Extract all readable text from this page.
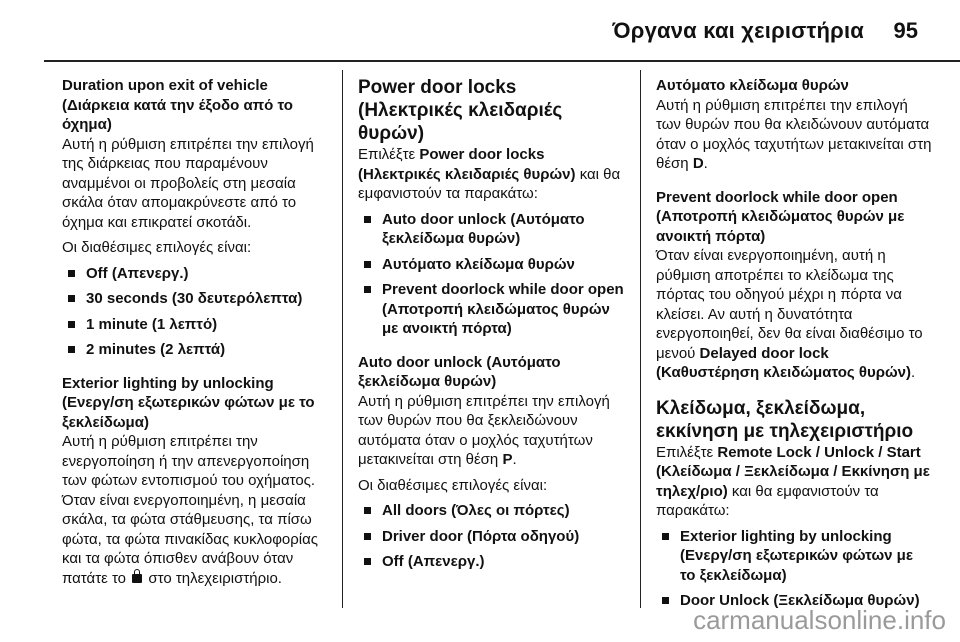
Όργανα και χειριστήρια 95

Duration upon exit of vehicle (Διάρκεια κατά την έξοδο από το όχημα)

Αυτή η ρύθμιση επιτρέπει την επιλογή της διάρκειας που παραμένουν αναμμένοι οι προβολείς στη μεσαία σκάλα όταν απομακρύνεστε από το όχημα και επικρατεί σκοτάδι.

Οι διαθέσιμες επιλογές είναι:

Off (Απενεργ.)
30 seconds (30 δευτερόλεπτα)
1 minute (1 λεπτό)
2 minutes (2 λεπτά)

Exterior lighting by unlocking (Ενεργ/ση εξωτερικών φώτων με το ξεκλείδωμα)

Αυτή η ρύθμιση επιτρέπει την ενεργοποίηση ή την απενεργοποίηση των φώτων εντοπισμού του οχήματος. Όταν είναι ενεργοποιημένη, η μεσαία σκάλα, τα φώτα στάθμευσης, τα πίσω φώτα, τα φώτα πινακίδας κυκλοφορίας και τα φώτα όπισθεν ανάβουν όταν πατάτε το στο τηλεχειριστήριο.

Power door locks (Ηλεκτρικές κλειδαριές θυρών)

Επιλέξτε Power door locks (Ηλεκτρικές κλειδαριές θυρών) και θα εμφανιστούν τα παρακάτω:

Auto door unlock (Αυτόματο ξεκλείδωμα θυρών)
Αυτόματο κλείδωμα θυρών
Prevent doorlock while door open (Αποτροπή κλειδώματος θυρών με ανοικτή πόρτα)

Auto door unlock (Αυτόματο ξεκλείδωμα θυρών)

Αυτή η ρύθμιση επιτρέπει την επιλογή των θυρών που θα ξεκλειδώνουν αυτόματα όταν ο μοχλός ταχυτήτων μετακινείται στη θέση P.

Οι διαθέσιμες επιλογές είναι:

All doors (Όλες οι πόρτες)
Driver door (Πόρτα οδηγού)
Off (Απενεργ.)

Αυτόματο κλείδωμα θυρών

Αυτή η ρύθμιση επιτρέπει την επιλογή των θυρών που θα κλειδώνουν αυτόματα όταν ο μοχλός ταχυτήτων μετακινείται στη θέση D.

Prevent doorlock while door open (Αποτροπή κλειδώματος θυρών με ανοικτή πόρτα)

Όταν είναι ενεργοποιημένη, αυτή η ρύθμιση αποτρέπει το κλείδωμα της πόρτας του οδηγού μέχρι η πόρτα να κλείσει. Αν αυτή η δυνατότητα ενεργοποιηθεί, δεν θα είναι διαθέσιμο το μενού Delayed door lock (Καθυστέρηση κλειδώματος θυρών).

Κλείδωμα, ξεκλείδωμα, εκκίνηση με τηλεχειριστήριο

Επιλέξτε Remote Lock / Unlock / Start (Κλείδωμα / Ξεκλείδωμα / Εκκίνηση με τηλεχ/ριο) και θα εμφανιστούν τα παρακάτω:

Exterior lighting by unlocking (Ενεργ/ση εξωτερικών φώτων με το ξεκλείδωμα)
Door Unlock (Ξεκλείδωμα θυρών)
carmanualsonline.info
